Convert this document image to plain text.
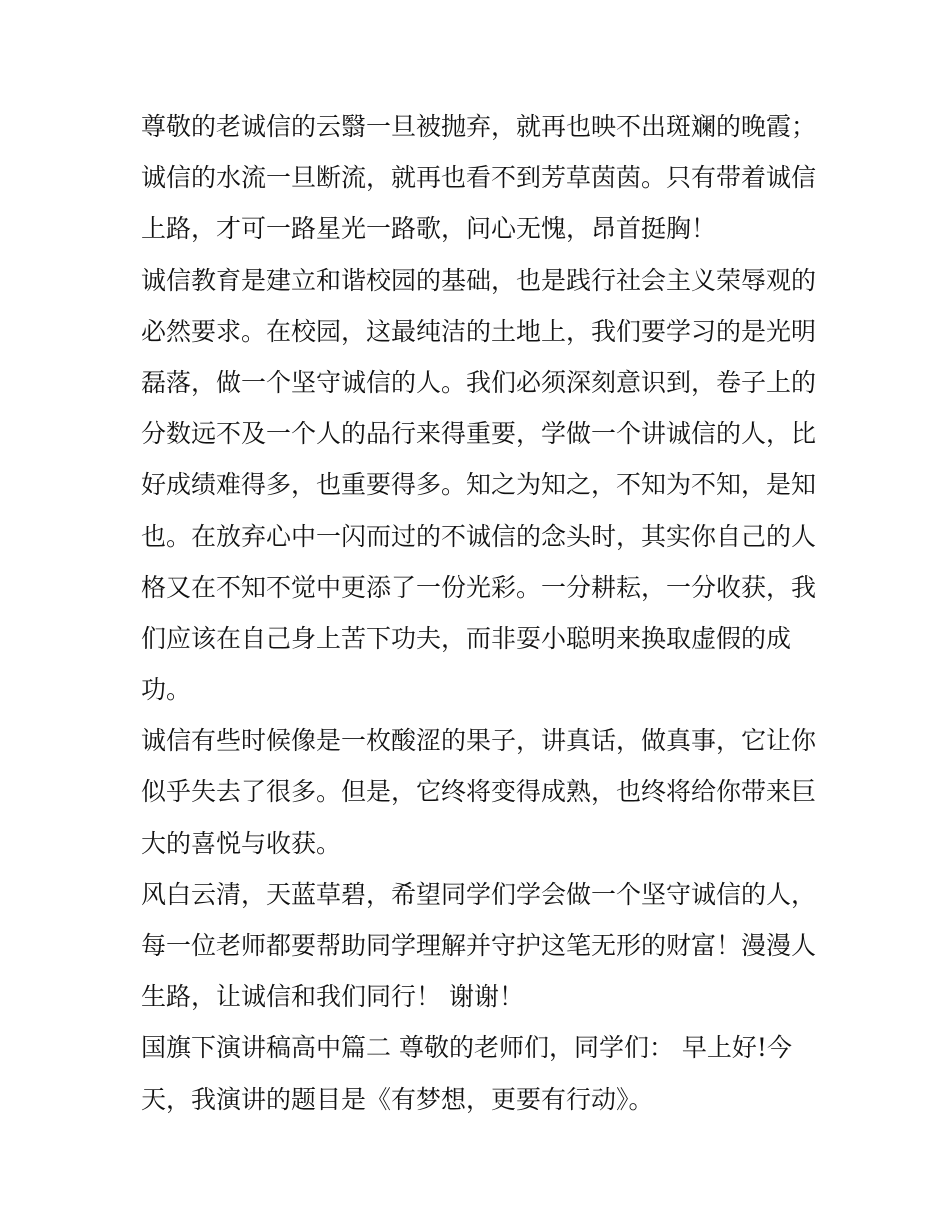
尊敬的老诚信的云翳一旦被抛弃，就再也映不出斑斓的晚霞；
诚信的水流一旦断流，就再也看不到芳草茵茵。只有带着诚信
上路，才可一路星光一路歌，问心无愧，昂首挺胸！
诚信教育是建立和谐校园的基础，也是践行社会主义荣辱观的
必然要求。在校园，这最纯洁的土地上，我们要学习的是光明
磊落，做一个坚守诚信的人。我们必须深刻意识到，卷子上的
分数远不及一个人的品行来得重要，学做一个讲诚信的人，比
好成绩难得多，也重要得多。知之为知之，不知为不知，是知
也。在放弃心中一闪而过的不诚信的念头时，其实你自己的人
格又在不知不觉中更添了一份光彩。一分耕耘，一分收获，我
们应该在自己身上苦下功夫，而非耍小聪明来换取虚假的成
功。
诚信有些时候像是一枚酸涩的果子，讲真话，做真事，它让你
似乎失去了很多。但是，它终将变得成熟，也终将给你带来巨
大的喜悦与收获。
风白云清，天蓝草碧，希望同学们学会做一个坚守诚信的人，
每一位老师都要帮助同学理解并守护这笔无形的财富！漫漫人
生路，让诚信和我们同行！ 谢谢！
国旗下演讲稿高中篇二 尊敬的老师们，同学们： 早上好!今
天，我演讲的题目是《有梦想，更要有行动》。
